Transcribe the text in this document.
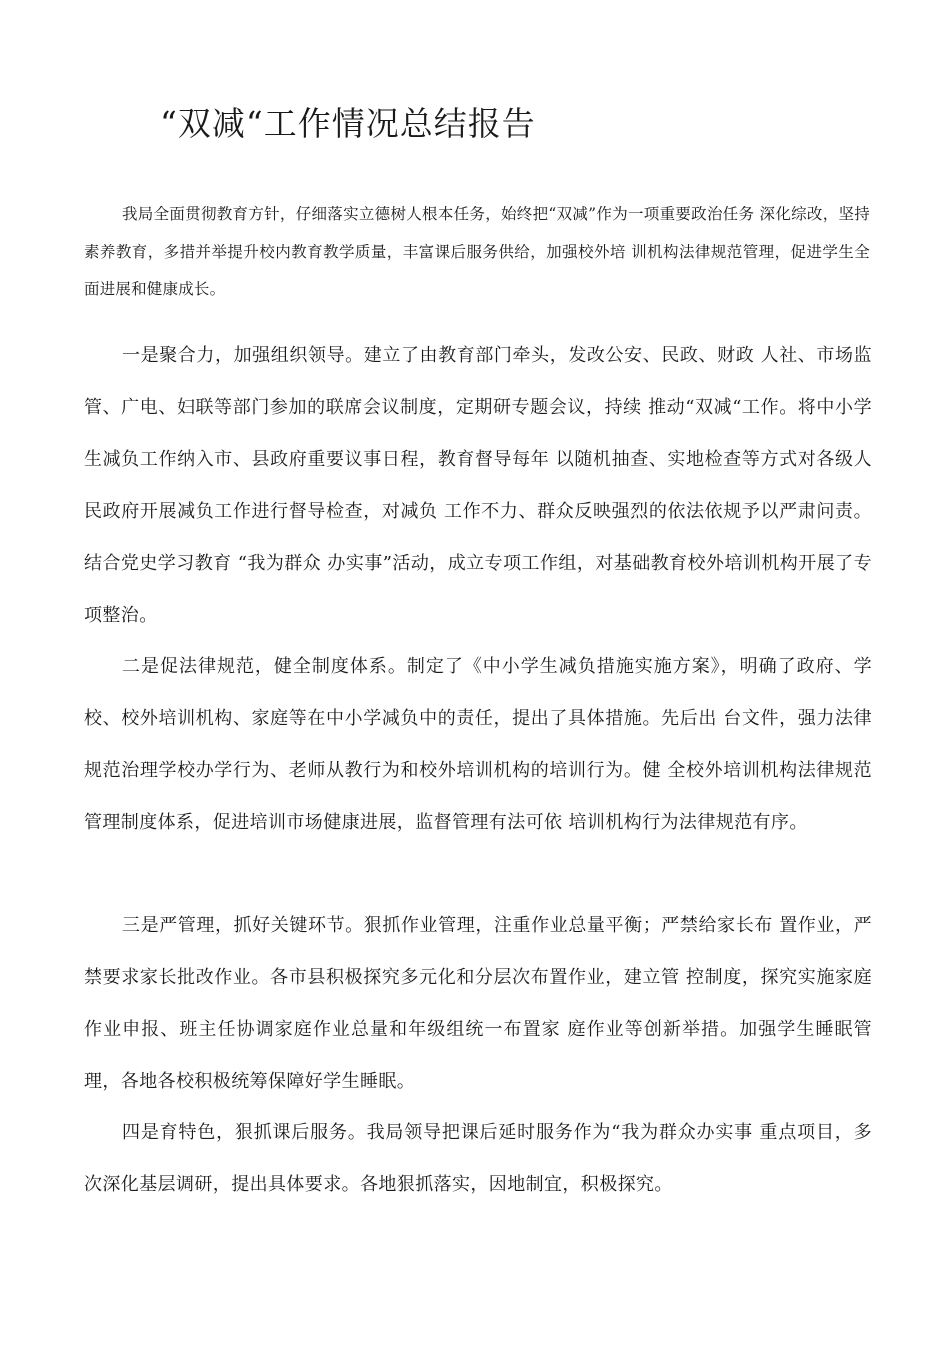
“双减“工作情况总结报告

我局全面贯彻教育方针，仔细落实立德树人根本任务，始终把“双减”作为一项重要政治任务 深化综改，坚持素养教育，多措并举提升校内教育教学质量，丰富课后服务供给，加强校外培 训机构法律规范管理，促进学生全面进展和健康成长。

一是聚合力，加强组织领导。建立了由教育部门牵头，发改公安、民政、财政 人社、市场监管、广电、妇联等部门参加的联席会议制度，定期研专题会议，持续 推动“双减“工作。将中小学生减负工作纳入市、县政府重要议事日程，教育督导每年 以随机抽查、实地检查等方式对各级人民政府开展减负工作进行督导检查，对减负 工作不力、群众反映强烈的依法依规予以严肃问责。结合党史学习教育 “我为群众 办实事”活动，成立专项工作组，对基础教育校外培训机构开展了专项整治。

二是促法律规范，健全制度体系。制定了《中小学生减负措施实施方案》，明确了政府、学校、校外培训机构、家庭等在中小学减负中的责任，提出了具体措施。先后出 台文件，强力法律规范治理学校办学行为、老师从教行为和校外培训机构的培训行为。健 全校外培训机构法律规范管理制度体系，促进培训市场健康进展，监督管理有法可依 培训机构行为法律规范有序。

三是严管理，抓好关键环节。狠抓作业管理，注重作业总量平衡；严禁给家长布 置作业，严禁要求家长批改作业。各市县积极探究多元化和分层次布置作业，建立管 控制度，探究实施家庭作业申报、班主任协调家庭作业总量和年级组统一布置家 庭作业等创新举措。加强学生睡眠管理，各地各校积极统筹保障好学生睡眠。

四是育特色，狠抓课后服务。我局领导把课后延时服务作为“我为群众办实事 重点项目，多次深化基层调研，提出具体要求。各地狠抓落实，因地制宜，积极探究。
